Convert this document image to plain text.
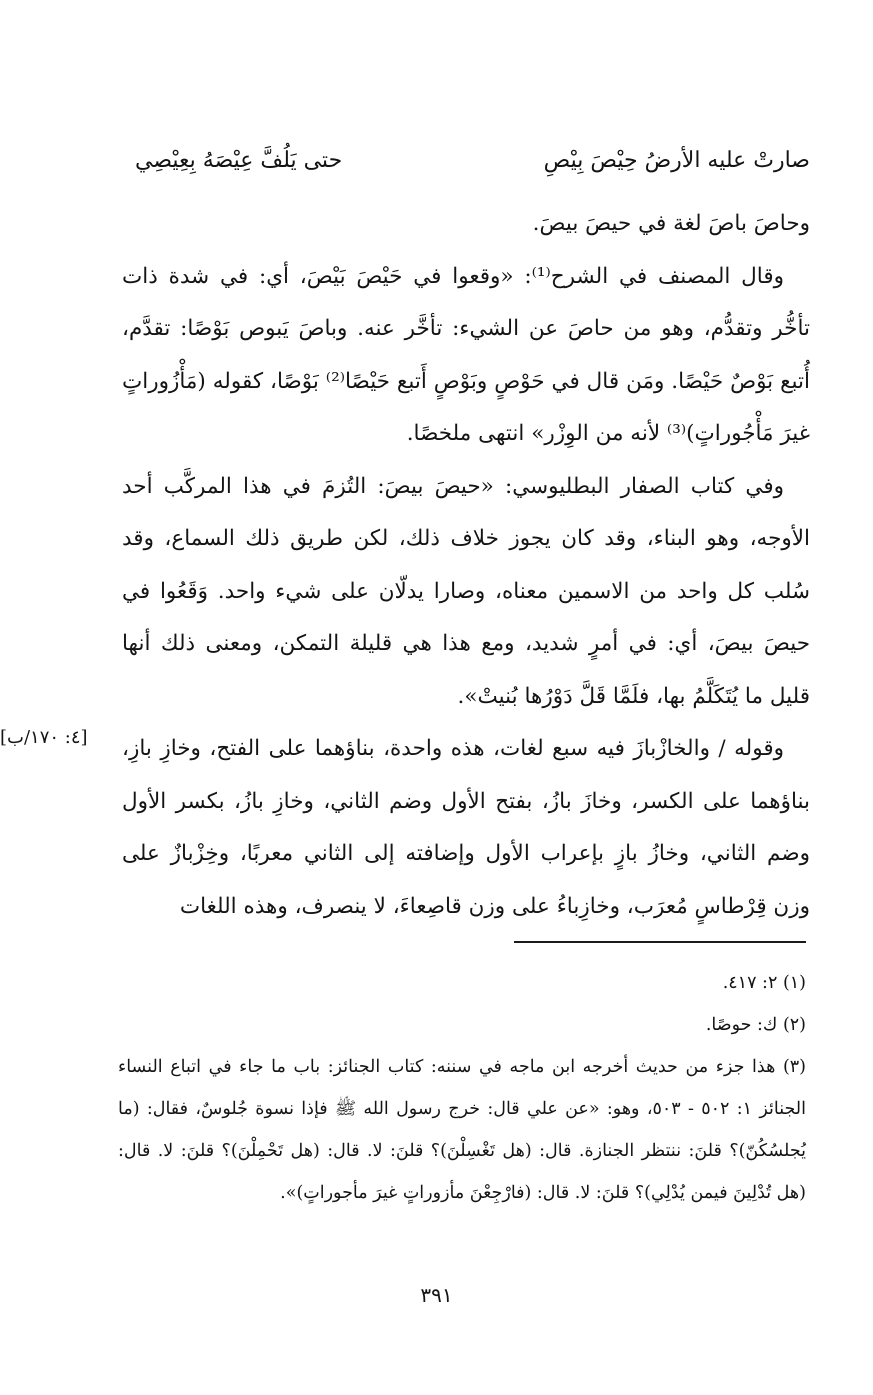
صارتْ عليه الأرضُ حِيْصَ بِيْصِ
حتى يَلُفَّ عِيْصَهُ بِعِيْصِي

وحاصَ باصَ لغة في حيصَ بيصَ.

وقال المصنف في الشرح⁽¹⁾: «وقعوا في حَيْصَ بَيْصَ، أي: في شدة ذات تأخُّر وتقدُّم، وهو من حاصَ عن الشيء: تأخَّر عنه. وباصَ يَبوص بَوْصًا: تقدَّم، أُتبع بَوْصٌ حَيْصًا. ومَن قال في حَوْصٍ وبَوْصٍ أَتبع حَيْصًا⁽²⁾ بَوْصًا، كقوله (مَأْزُوراتٍ غيرَ مَأْجُوراتٍ)⁽³⁾ لأنه من الوِزْر» انتهى ملخصًا.

وفي كتاب الصفار البطليوسي: «حيصَ بيصَ: التُزمَ في هذا المركَّب أحد الأوجه، وهو البناء، وقد كان يجوز خلاف ذلك، لكن طريق ذلك السماع، وقد سُلب كل واحد من الاسمين معناه، وصارا يدلّان على شيء واحد. وَقَعُوا في حيصَ بيصَ، أي: في أمرٍ شديد، ومع هذا هي قليلة التمكن، ومعنى ذلك أنها قليل ما يُتَكَلَّمُ بها، فلَمَّا قَلَّ دَوْرُها بُنيتْ».

وقوله / والخازْبازَ فيه سبع لغات، هذه واحدة، بناؤهما على الفتح، وخازِ بازِ، بناؤهما على الكسر، وخازَ بازُ، بفتح الأول وضم الثاني، وخازِ بازُ، بكسر الأول وضم الثاني، وخازُ بازٍ بإعراب الأول وإضافته إلى الثاني معربًا، وخِزْبازٌ على وزن قِرْطاسٍ مُعرَب، وخازِباءُ على وزن قاصِعاءَ، لا ينصرف، وهذه اللغات

[٤: ١٧٠/ب]

(١) ٢: ٤١٧.

(٢) ك: حوصًا.

(٣) هذا جزء من حديث أخرجه ابن ماجه في سننه: كتاب الجنائز: باب ما جاء في اتباع النساء الجنائز ١: ٥٠٢ - ٥٠٣، وهو: «عن علي قال: خرج رسول الله ﷺ فإذا نسوة جُلوسٌ، فقال: (ما يُجلسُكُنّ)؟ قلنَ: ننتظر الجنازة. قال: (هل تَغْسِلْنَ)؟ قلنَ: لا. قال: (هل تَحْمِلْنَ)؟ قلنَ: لا. قال: (هل تُدْلِينَ فيمن يُدْلِي)؟ قلنَ: لا. قال: (فارْجِعْنَ مأزوراتٍ غيرَ مأجوراتٍ)».

٣٩١
